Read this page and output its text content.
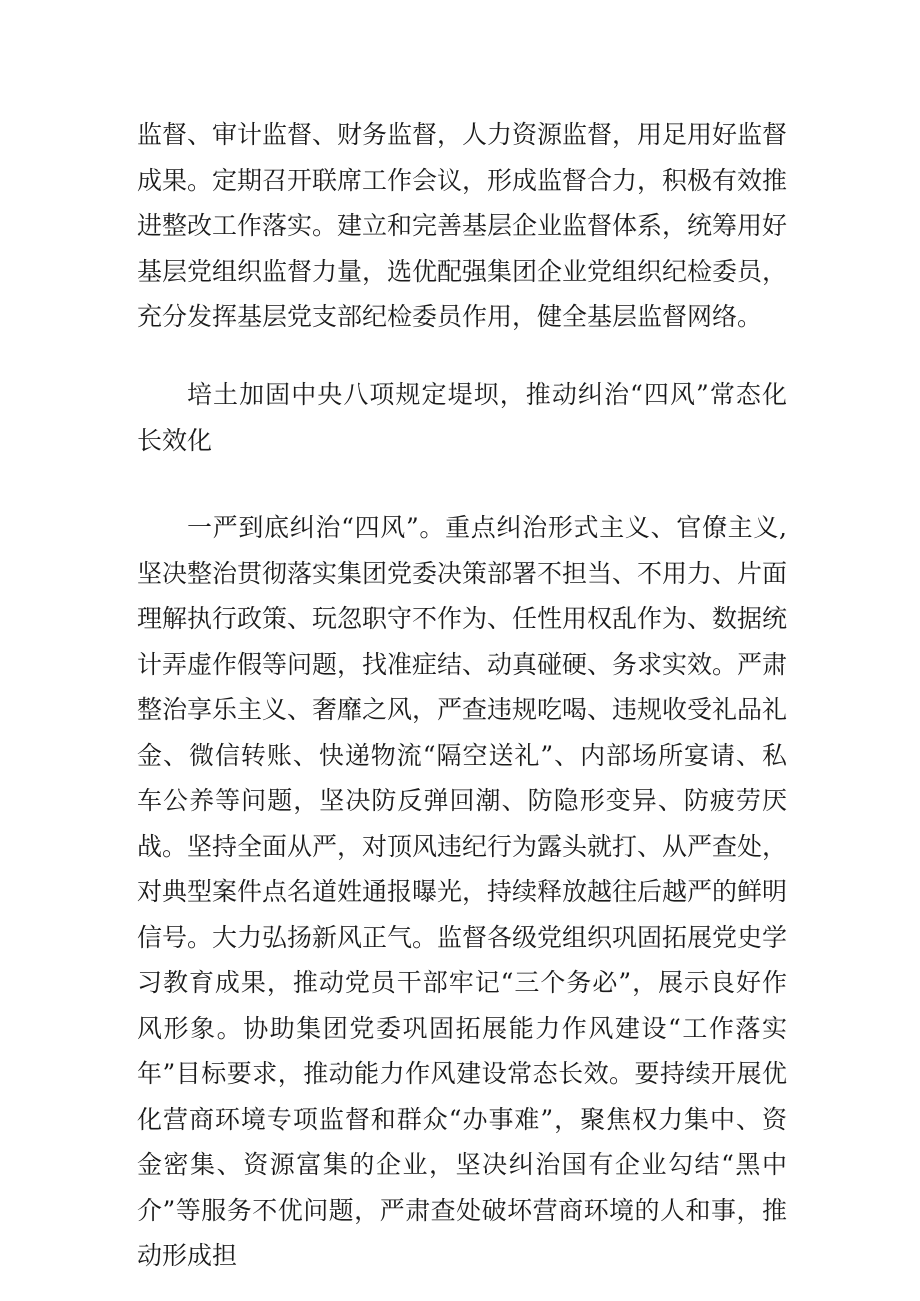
监督、审计监督、财务监督，人力资源监督，用足用好监督成果。定期召开联席工作会议，形成监督合力，积极有效推进整改工作落实。建立和完善基层企业监督体系，统筹用好基层党组织监督力量，选优配强集团企业党组织纪检委员，充分发挥基层党支部纪检委员作用，健全基层监督网络。

培土加固中央八项规定堤坝，推动纠治“四风”常态化长效化

一严到底纠治“四风”。重点纠治形式主义、官僚主义,坚决整治贯彻落实集团党委决策部署不担当、不用力、片面理解执行政策、玩忽职守不作为、任性用权乱作为、数据统计弄虚作假等问题，找准症结、动真碰硬、务求实效。严肃整治享乐主义、奢靡之风，严查违规吃喝、违规收受礼品礼金、微信转账、快递物流“隔空送礼”、内部场所宴请、私车公养等问题，坚决防反弹回潮、防隐形变异、防疲劳厌战。坚持全面从严，对顶风违纪行为露头就打、从严查处，对典型案件点名道姓通报曝光，持续释放越往后越严的鲜明信号。大力弘扬新风正气。监督各级党组织巩固拓展党史学习教育成果，推动党员干部牢记“三个务必”，展示良好作风形象。协助集团党委巩固拓展能力作风建设“工作落实年”目标要求，推动能力作风建设常态长效。要持续开展优化营商环境专项监督和群众“办事难”，聚焦权力集中、资金密集、资源富集的企业，坚决纠治国有企业勾结“黑中介”等服务不优问题，严肃查处破坏营商环境的人和事，推动形成担
